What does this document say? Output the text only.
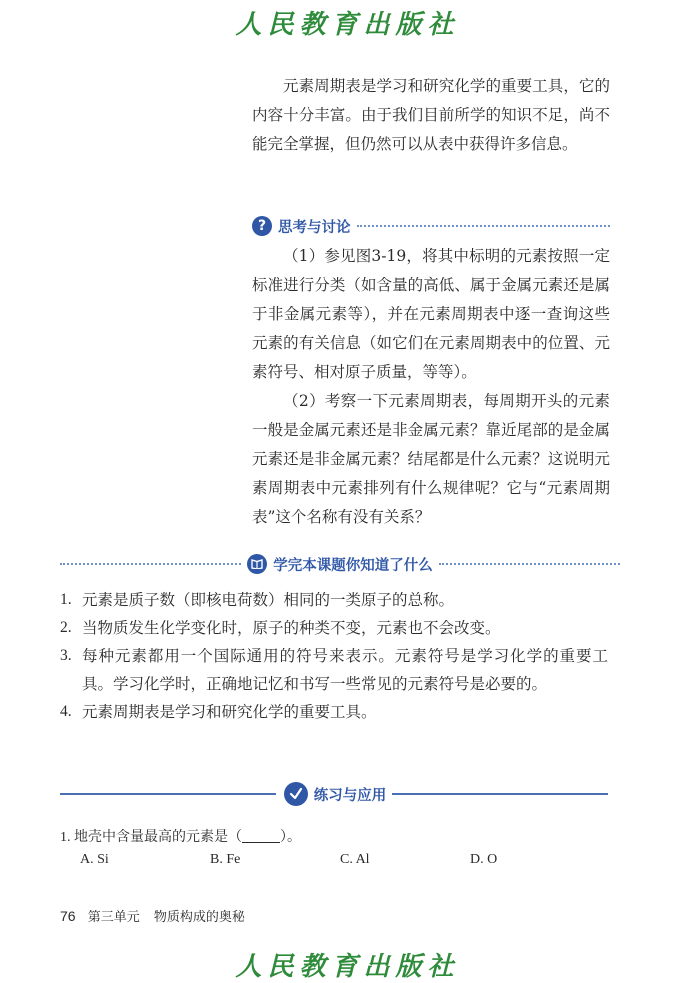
人民教育出版社
元素周期表是学习和研究化学的重要工具，它的内容十分丰富。由于我们目前所学的知识不足，尚不能完全掌握，但仍然可以从表中获得许多信息。
? 思考与讨论
（1）参见图3-19，将其中标明的元素按照一定标准进行分类（如含量的高低、属于金属元素还是属于非金属元素等），并在元素周期表中逐一查询这些元素的有关信息（如它们在元素周期表中的位置、元素符号、相对原子质量，等等）。
（2）考察一下元素周期表，每周期开头的元素一般是金属元素还是非金属元素？靠近尾部的是金属元素还是非金属元素？结尾都是什么元素？这说明元素周期表中元素排列有什么规律呢？它与“元素周期表”这个名称有没有关系？
学完本课题你知道了什么
1. 元素是质子数（即核电荷数）相同的一类原子的总称。
2. 当物质发生化学变化时，原子的种类不变，元素也不会改变。
3. 每种元素都用一个国际通用的符号来表示。元素符号是学习化学的重要工具。学习化学时，正确地记忆和书写一些常见的元素符号是必要的。
4. 元素周期表是学习和研究化学的重要工具。
练习与应用
1. 地壳中含量最高的元素是（	）。
A. Si	B. Fe	C. Al	D. O
76 第三单元 物质构成的奥秘
人民教育出版社
